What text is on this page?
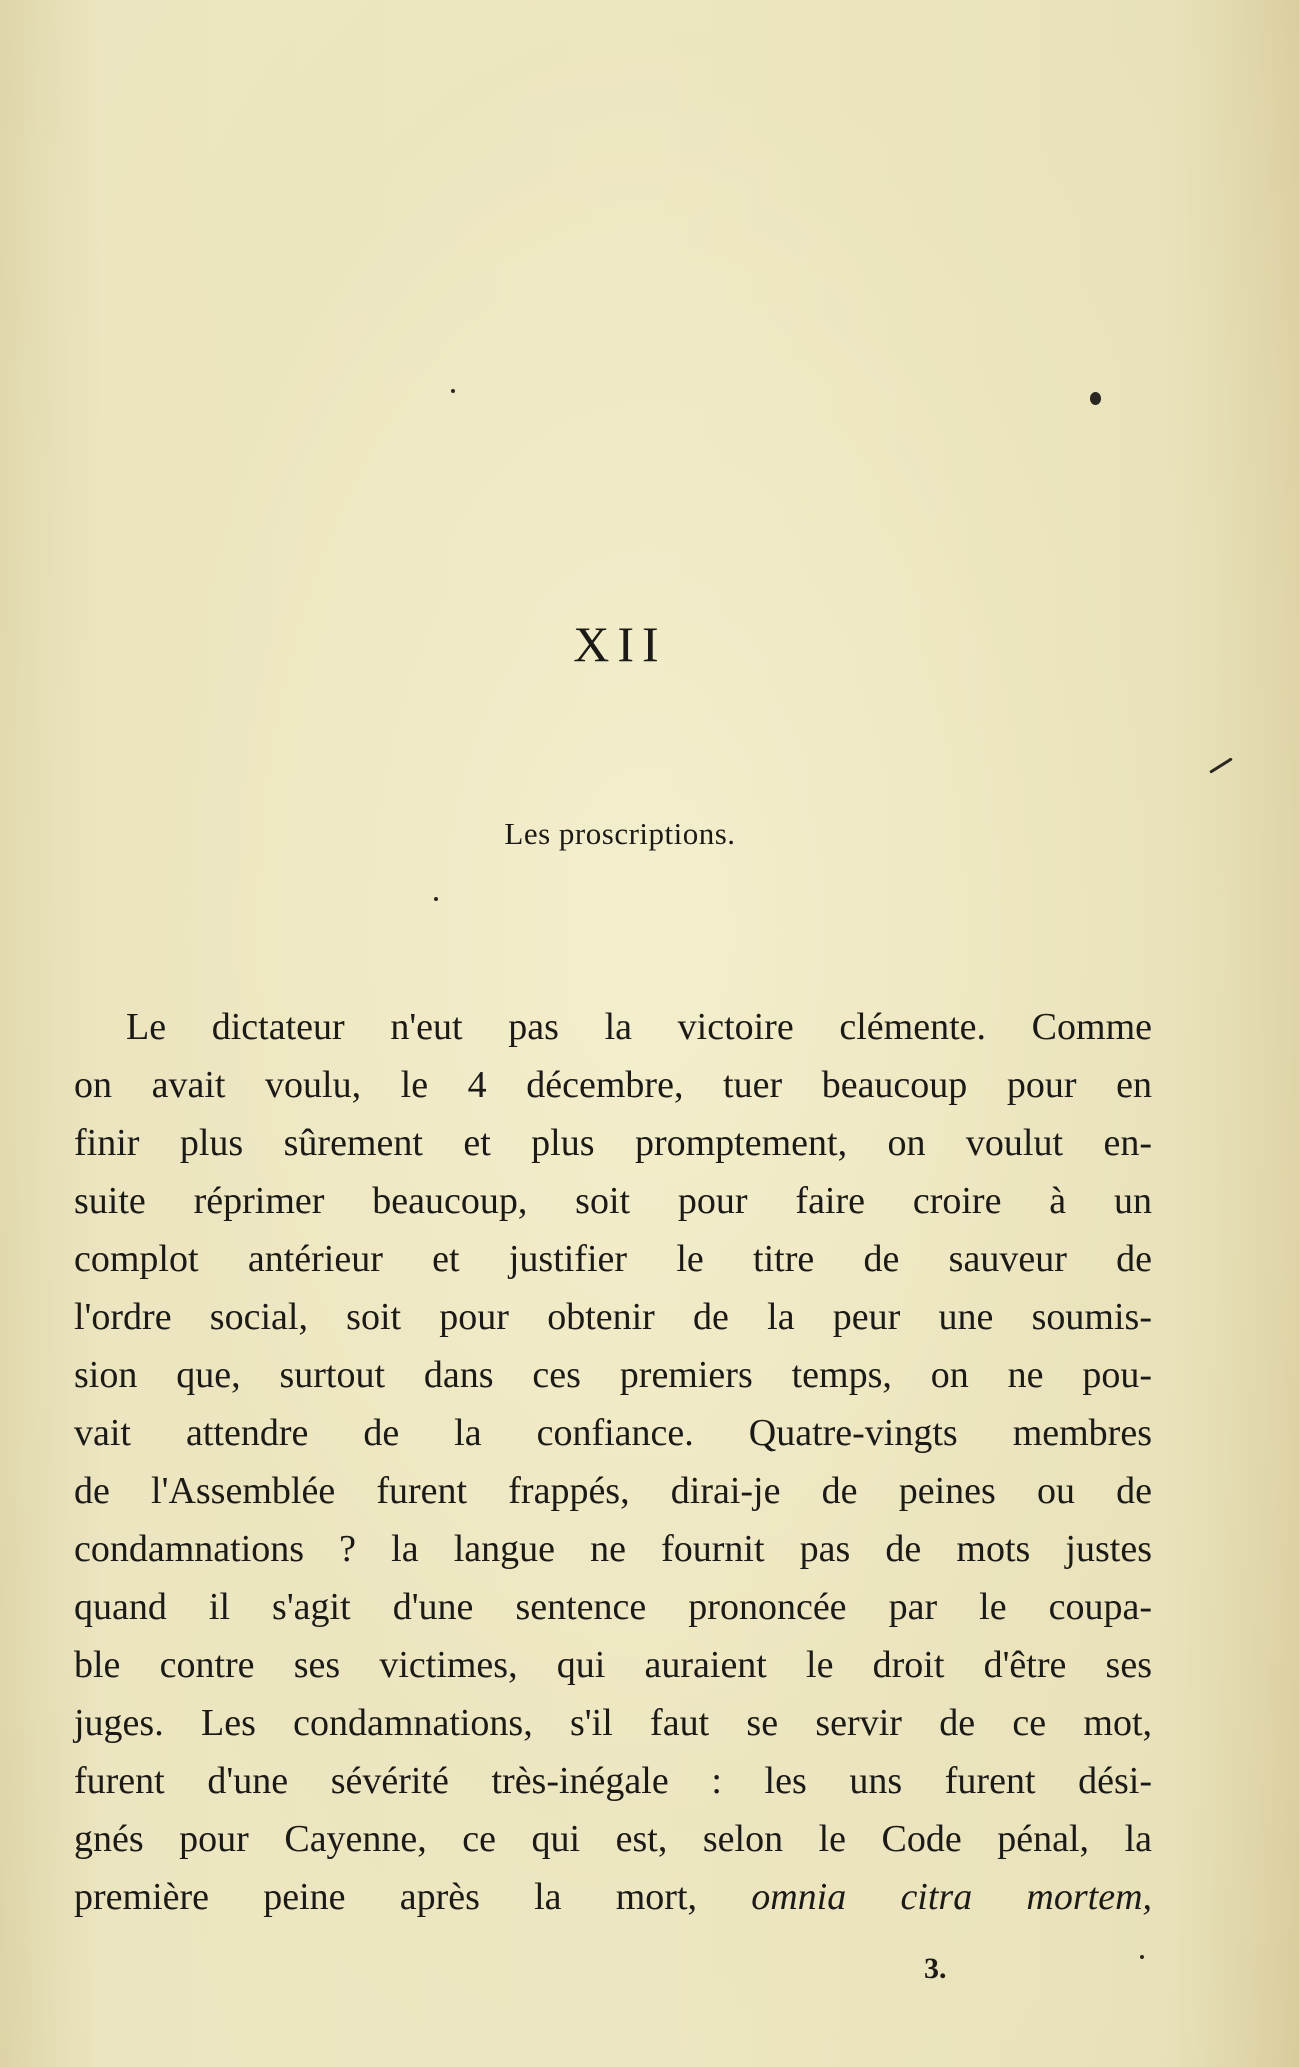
XII
Les proscriptions.
Le dictateur n'eut pas la victoire clémente. Comme
on avait voulu, le 4 décembre, tuer beaucoup pour en
finir plus sûrement et plus promptement, on voulut en-
suite réprimer beaucoup, soit pour faire croire à un
complot antérieur et justifier le titre de sauveur de
l'ordre social, soit pour obtenir de la peur une soumis-
sion que, surtout dans ces premiers temps, on ne pou-
vait attendre de la confiance. Quatre-vingts membres
de l'Assemblée furent frappés, dirai-je de peines ou de
condamnations ? la langue ne fournit pas de mots justes
quand il s'agit d'une sentence prononcée par le coupa-
ble contre ses victimes, qui auraient le droit d'être ses
juges. Les condamnations, s'il faut se servir de ce mot,
furent d'une sévérité très-inégale : les uns furent dési-
gnés pour Cayenne, ce qui est, selon le Code pénal, la
première peine après la mort, omnia citra mortem,
3.
